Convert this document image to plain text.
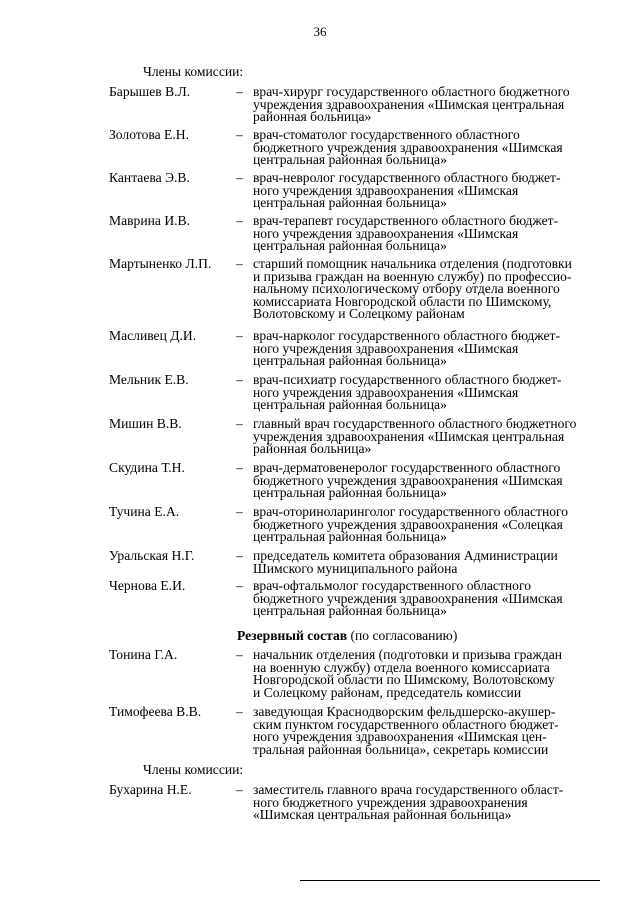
36
Члены комиссии:
Барышев В.Л.	– врач-хирург государственного областного бюджетного
учреждения здравоохранения «Шимская центральная
районная больница»
Золотова Е.Н.	– врач-стоматолог государственного областного
бюджетного учреждения здравоохранения «Шимская
центральная районная больница»
Кантаева Э.В.	– врач-невролог государственного областного бюджет-
ного учреждения здравоохранения «Шимская
центральная районная больница»
Маврина И.В.	– врач-терапевт государственного областного бюджет-
ного учреждения здравоохранения «Шимская
центральная районная больница»
Мартыненко Л.П. – старший помощник начальника отделения (подготовки
и призыва граждан на военную службу) по профессио-
нальному психологическому отбору отдела военного
комиссариата Новгородской области по Шимскому,
Волотовскому и Солецкому районам
Масливец Д.И.	– врач-нарколог государственного областного бюджет-
ного учреждения здравоохранения «Шимская
центральная районная больница»
Мельник Е.В.	– врач-психиатр государственного областного бюджет-
ного учреждения здравоохранения «Шимская
центральная районная больница»
Мишин В.В.	– главный врач государственного областного бюджетного
учреждения здравоохранения «Шимская центральная
районная больница»
Скудина Т.Н.	– врач-дерматовенеролог государственного областного
бюджетного учреждения здравоохранения «Шимская
центральная районная больница»
Тучина Е.А.	– врач-оториноларинголог государственного областного
бюджетного учреждения здравоохранения «Солецкая
центральная районная больница»
Уральская Н.Г.	– председатель комитета образования Администрации
Шимского муниципального района
Чернова Е.И.	– врач-офтальмолог государственного областного
бюджетного учреждения здравоохранения «Шимская
центральная районная больница»
Резервный состав (по согласованию)
Тонина Г.А.	– начальник отделения (подготовки и призыва граждан
на военную службу) отдела военного комиссариата
Новгородской области по Шимскому, Волотовскому
и Солецкому районам, председатель комиссии
Тимофеева В.В.	– заведующая Краснодворским фельдшерско-акушер-
ским пунктом государственного областного бюджет-
ного учреждения здравоохранения «Шимская цен-
тральная районная больница», секретарь комиссии
Члены комиссии:
Бухарина Н.Е.	– заместитель главного врача государственного област-
ного бюджетного учреждения здравоохранения
«Шимская центральная районная больница»
